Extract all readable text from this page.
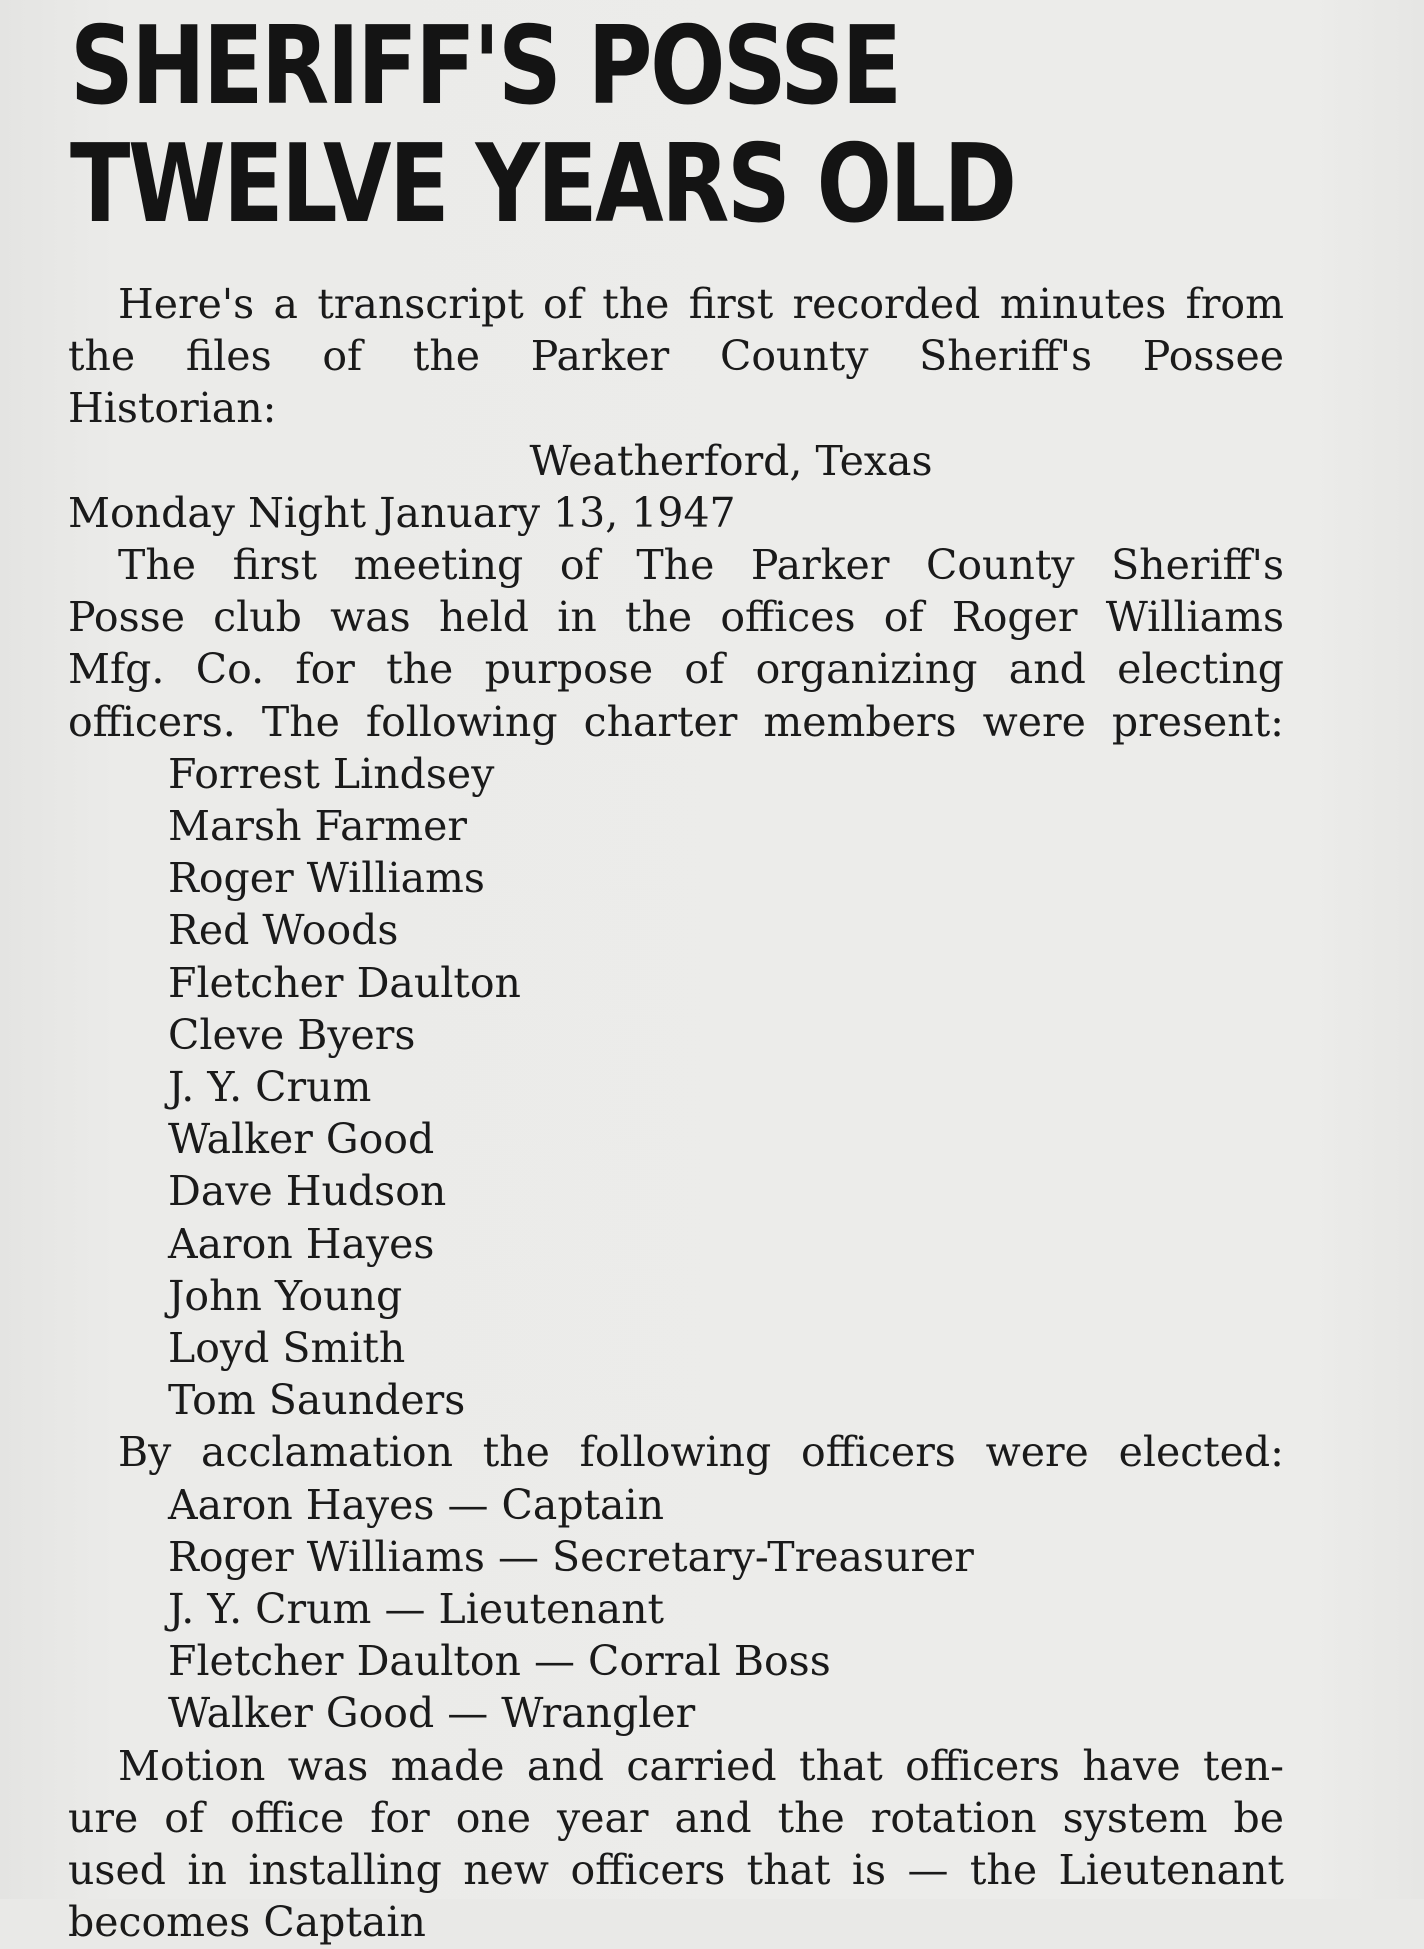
SHERIFF'S POSSE
TWELVE YEARS OLD
Here's a transcript of the first recorded minutes from
the files of the Parker County Sheriff's Possee
Historian:
Weatherford, Texas
Monday Night January 13, 1947
The first meeting of The Parker County Sheriff's
Posse club was held in the offices of Roger Williams
Mfg. Co. for the purpose of organizing and electing
officers. The following charter members were present:
Forrest Lindsey
Marsh Farmer
Roger Williams
Red Woods
Fletcher Daulton
Cleve Byers
J. Y. Crum
Walker Good
Dave Hudson
Aaron Hayes
John Young
Loyd Smith
Tom Saunders
By acclamation the following officers were elected:
Aaron Hayes — Captain
Roger Williams — Secretary-Treasurer
J. Y. Crum — Lieutenant
Fletcher Daulton — Corral Boss
Walker Good — Wrangler
Motion was made and carried that officers have ten-
ure of office for one year and the rotation system be
used in installing new officers that is — the Lieutenant
becomes Captain
